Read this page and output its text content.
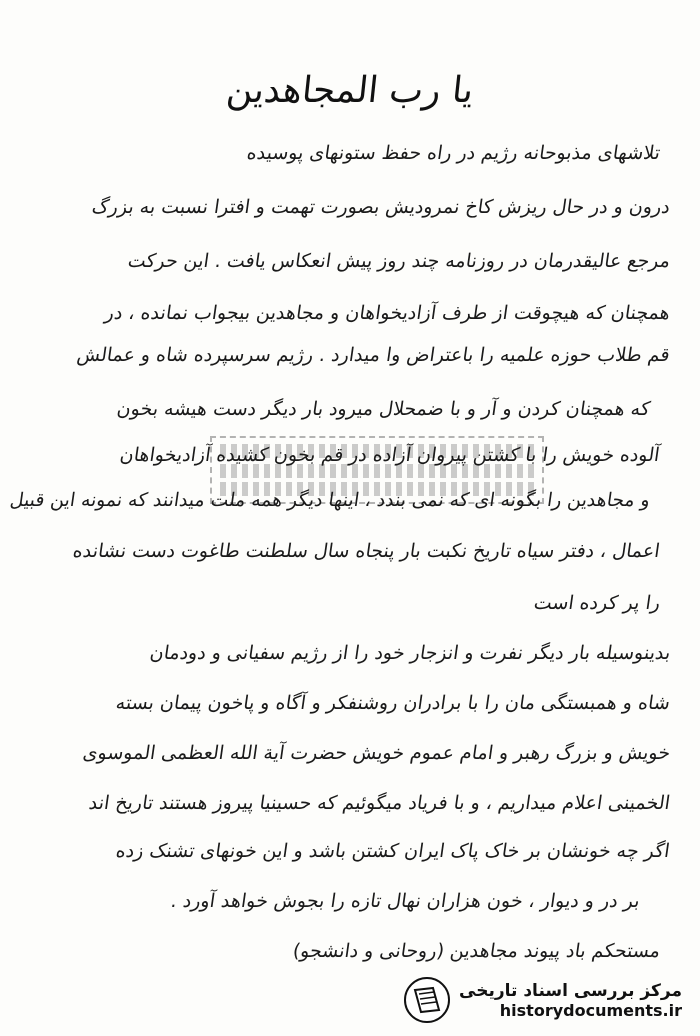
یا رب المجاهدین
تلاشهای مذبوحانه رژیم در راه حفظ ستونهای پوسیده
درون و در حال ریزش کاخ نمرودیش بصورت تهمت و افترا نسبت به بزرگ
مرجع عالیقدرمان در روزنامه چند روز پیش انعکاس یافت . این حرکت
همچنان که هیچوقت از طرف آزادیخواهان و مجاهدین بیجواب نمانده ، در
قم طلاب حوزه علمیه را باعتراض وا میدارد . رژیم سرسپرده شاه و عمالش
که همچنان کردن و آر و با ضمحلال میرود بار دیگر دست هیشه بخون
آلوده خویش را با کشتن پیروان آزاده در قم بخون کشیده آزادیخواهان
و مجاهدین را بگونه ای که نمی بندد ، اینها دیگر همه ملت میدانند که نمونه این قبیل
اعمال ، دفتر سیاه تاریخ نکبت بار پنجاه سال سلطنت طاغوت دست نشانده
را پر کرده است
بدینوسیله بار دیگر نفرت و انزجار خود را از رژیم سفیانی و دودمان
شاه و همبستگی مان را با برادران روشنفکر و آگاه و پاخون پیمان بسته
خویش و بزرگ رهبر و امام عموم خویش حضرت آیة الله العظمی الموسوی
الخمینی اعلام میداریم ، و با فریاد میگوئیم که حسینیا پیروز هستند تاریخ اند
اگر چه خونشان بر خاک پاک ایران کشتن باشد و این خونهای تشنک زده
بر در و دیوار ، خون هزاران نهال تازه را بجوش خواهد آورد .
مستحکم باد پیوند مجاهدین (روحانی و دانشجو)
مرکز بررسی اسناد تاریخی
historydocuments.ir
